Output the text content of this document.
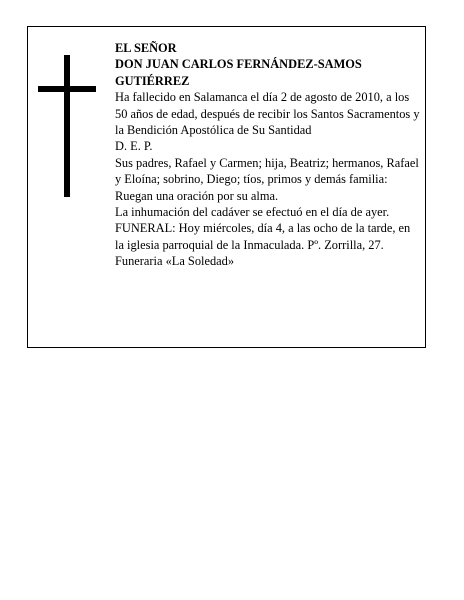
EL SEÑOR

DON JUAN CARLOS FERNÁNDEZ-SAMOS

GUTIÉRREZ

Ha fallecido en Salamanca el día 2 de agosto de 2010, a los 50 años de edad, después de recibir los Santos Sacramentos y la Bendición Apostólica de Su Santidad

D. E. P.

Sus padres, Rafael y Carmen; hija, Beatriz; hermanos, Rafael y Eloína; sobrino, Diego; tíos, primos y demás familia:

Ruegan una oración por su alma.

La inhumación del cadáver se efectuó en el día de ayer.

FUNERAL: Hoy miércoles, día 4, a las ocho de la tarde, en la iglesia parroquial de la Inmaculada. Pº. Zorrilla, 27. Funeraria «La Soledad»
